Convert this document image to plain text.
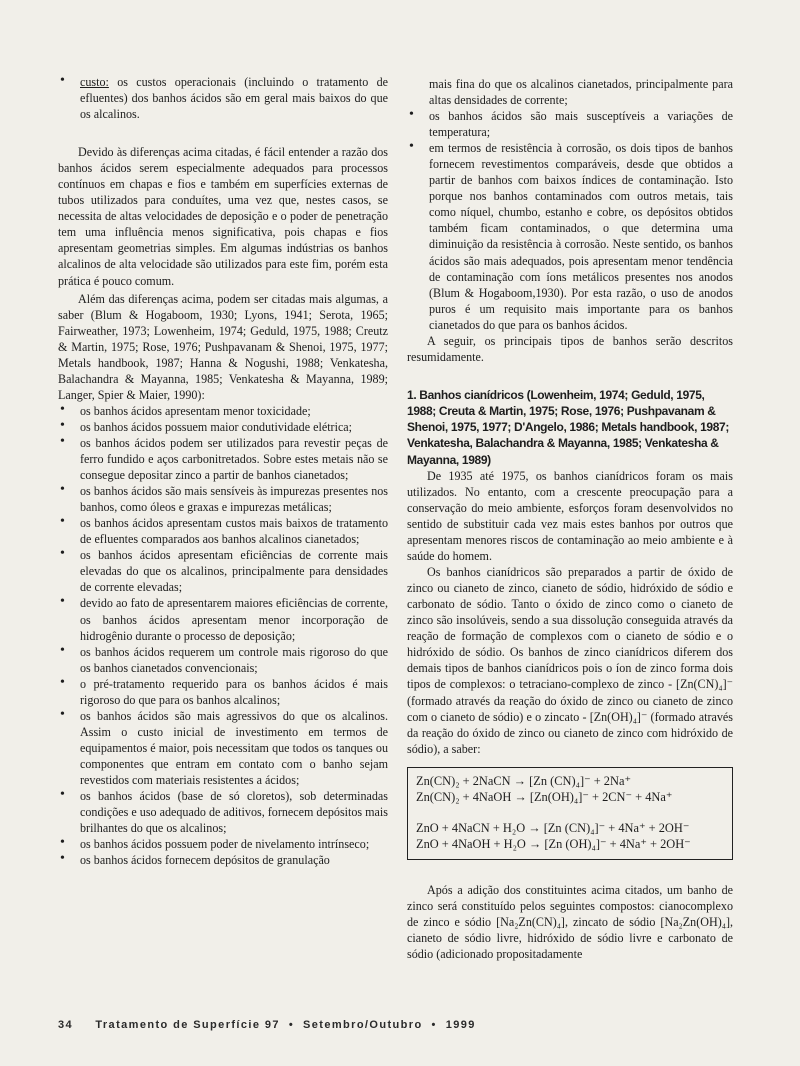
• custo: os custos operacionais (incluindo o tratamento de efluentes) dos banhos ácidos são em geral mais baixos do que os alcalinos.

Devido às diferenças acima citadas, é fácil entender a razão dos banhos ácidos serem especialmente adequados para processos contínuos em chapas e fios e também em superfícies externas de tubos utilizados para conduítes, uma vez que, nestes casos, se necessita de altas velocidades de deposição e o poder de penetração tem uma influência menos significativa, pois chapas e fios apresentam geometrias simples. Em algumas indústrias os banhos alcalinos de alta velocidade são utilizados para este fim, porém esta prática é pouco comum.

Além das diferenças acima, podem ser citadas mais algumas, a saber (Blum & Hogaboom, 1930; Lyons, 1941; Serota, 1965; Fairweather, 1973; Lowenheim, 1974; Geduld, 1975, 1988; Creutz & Martin, 1975; Rose, 1976; Pushpavanam & Shenoi, 1975, 1977; Metals handbook, 1987; Hanna & Nogushi, 1988; Venkatesha, Balachandra & Mayanna, 1985; Venkatesha & Mayanna, 1989; Langer, Spier & Maier, 1990):

• os banhos ácidos apresentam menor toxicidade;
• os banhos ácidos possuem maior condutividade elétrica;
• os banhos ácidos podem ser utilizados para revestir peças de ferro fundido e aços carbonitretados. Sobre estes metais não se consegue depositar zinco a partir de banhos cianetados;
• os banhos ácidos são mais sensíveis às impurezas presentes nos banhos, como óleos e graxas e impurezas metálicas;
• os banhos ácidos apresentam custos mais baixos de tratamento de efluentes comparados aos banhos alcalinos cianetados;
• os banhos ácidos apresentam eficiências de corrente mais elevadas do que os alcalinos, principalmente para densidades de corrente elevadas;
• devido ao fato de apresentarem maiores eficiências de corrente, os banhos ácidos apresentam menor incorporação de hidrogênio durante o processo de deposição;
• os banhos ácidos requerem um controle mais rigoroso do que os banhos cianetados convencionais;
• o pré-tratamento requerido para os banhos ácidos é mais rigoroso do que para os banhos alcalinos;
• os banhos ácidos são mais agressivos do que os alcalinos. Assim o custo inicial de investimento em termos de equipamentos é maior, pois necessitam que todos os tanques ou componentes que entram em contato com o banho sejam revestidos com materiais resistentes a ácidos;
• os banhos ácidos (base de só cloretos), sob determinadas condições e uso adequado de aditivos, fornecem depósitos mais brilhantes do que os alcalinos;
• os banhos ácidos possuem poder de nivelamento intrínseco;
• os banhos ácidos fornecem depósitos de granulação
mais fina do que os alcalinos cianetados, principalmente para altas densidades de corrente;
• os banhos ácidos são mais susceptíveis a variações de temperatura;
• em termos de resistência à corrosão, os dois tipos de banhos fornecem revestimentos comparáveis, desde que obtidos a partir de banhos com baixos índices de contaminação. Isto porque nos banhos contaminados com outros metais, tais como níquel, chumbo, estanho e cobre, os depósitos obtidos também ficam contaminados, o que determina uma diminuição da resistência à corrosão. Neste sentido, os banhos ácidos são mais adequados, pois apresentam menor tendência de contaminação com íons metálicos presentes nos anodos (Blum & Hogaboom,1930). Por esta razão, o uso de anodos puros é um requisito mais importante para os banhos cianetados do que para os banhos ácidos.

A seguir, os principais tipos de banhos serão descritos resumidamente.

1. Banhos cianídricos (Lowenheim, 1974; Geduld, 1975, 1988; Creuta & Martin, 1975; Rose, 1976; Pushpavanam & Shenoi, 1975, 1977; D'Angelo, 1986; Metals handbook, 1987; Venkatesha, Balachandra & Mayanna, 1985; Venkatesha & Mayanna, 1989)

De 1935 até 1975, os banhos cianídricos foram os mais utilizados. No entanto, com a crescente preocupação para a conservação do meio ambiente, esforços foram desenvolvidos no sentido de substituir cada vez mais estes banhos por outros que apresentam menores riscos de contaminação ao meio ambiente e à saúde do homem.

Os banhos cianídricos são preparados a partir de óxido de zinco ou cianeto de zinco, cianeto de sódio, hidróxido de sódio e carbonato de sódio. Tanto o óxido de zinco como o cianeto de zinco são insolúveis, sendo a sua dissolução conseguida através da reação de formação de complexos com o cianeto de sódio e o hidróxido de sódio. Os banhos de zinco cianídricos diferem dos demais tipos de banhos cianídricos pois o íon de zinco forma dois tipos de complexos: o tetraciano-complexo de zinco - [Zn(CN)₄]⁻ (formado através da reação do óxido de zinco ou cianeto de zinco com o cianeto de sódio) e o zincato - [Zn(OH)₄]⁻ (formado através da reação do óxido de zinco ou cianeto de zinco com hidróxido de sódio), a saber:

Zn(CN)₂ + 2NaCN → [Zn (CN)₄]⁻ + 2Na⁺
Zn(CN)₂ + 4NaOH → [Zn(OH)₄]⁻ + 2CN⁻ + 4Na⁺
ZnO + 4NaCN + H₂O → [Zn (CN)₄]⁻ + 4Na⁺ + 2OH⁻
ZnO + 4NaOH + H₂O → [Zn (OH)₄]⁻ + 4Na⁺ + 2OH⁻

Após a adição dos constituintes acima citados, um banho de zinco será constituído pelos seguintes compostos: cianocomplexo de zinco e sódio [Na₂Zn(CN)₄], zincato de sódio [Na₂Zn(OH)₄], cianeto de sódio livre, hidróxido de sódio livre e carbonato de sódio (adicionado propositadamente

34 Tratamento de Superfície 97  •  Setembro/Outubro  •  1999
